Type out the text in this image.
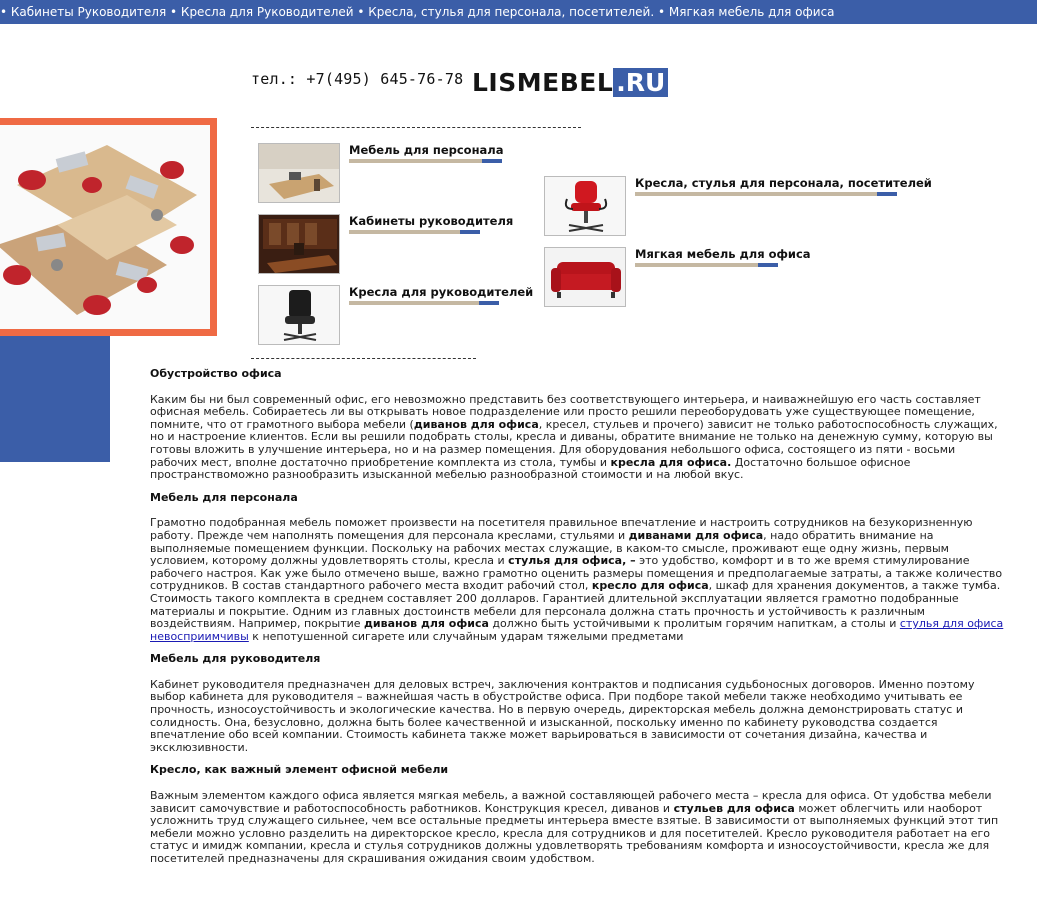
• Кабинеты Руководителя • Кресла для Руководителей • Кресла, стулья для персонала, посетителей. • Мягкая мебель для офиса
тел.: +7(495) 645-76-78 LISMEBEL .RU
Мебель для персонала
Кабинеты руководителя
Кресла для руководителей
Кресла, стулья для персонала, посетителей
Мягкая мебель для офиса
Обустройство офиса

Каким бы ни был современный офис, его невозможно представить без соответствующего интерьера, и наиважнейшую его часть составляет офисная мебель. Собираетесь ли вы открывать новое подразделение или просто решили переоборудовать уже существующее помещение, помните, что от грамотного выбора мебели (диванов для офиса, кресел, стульев и прочего) зависит не только работоспособность служащих, но и настроение клиентов. Если вы решили подобрать столы, кресла и диваны, обратите внимание не только на денежную сумму, которую вы готовы вложить в улучшение интерьера, но и на размер помещения. Для оборудования небольшого офиса, состоящего из пяти - восьми рабочих мест, вполне достаточно приобретение комплекта из стола, тумбы и кресла для офиса. Достаточно большое офисное пространствоможно разнообразить изысканной мебелью разнообразной стоимости и на любой вкус.

Мебель для персонала

Грамотно подобранная мебель поможет произвести на посетителя правильное впечатление и настроить сотрудников на безукоризненную работу. Прежде чем наполнять помещения для персонала креслами, стульями и диванами для офиса, надо обратить внимание на выполняемые помещением функции. Поскольку на рабочих местах служащие, в каком-то смысле, проживают еще одну жизнь, первым условием, которому должны удовлетворять столы, кресла и стулья для офиса, – это удобство, комфорт и в то же время стимулирование рабочего настроя. Как уже было отмечено выше, важно грамотно оценить размеры помещения и предполагаемые затраты, а также количество сотрудников. В состав стандартного рабочего места входит рабочий стол, кресло для офиса, шкаф для хранения документов, а также тумба. Стоимость такого комплекта в среднем составляет 200 долларов. Гарантией длительной эксплуатации является грамотно подобранные материалы и покрытие. Одним из главных достоинств мебели для персонала должна стать прочность и устойчивость к различным воздействиям. Например, покрытие диванов для офиса должно быть устойчивыми к пролитым горячим напиткам, а столы и стулья для офиса невосприимчивы к непотушенной сигарете или случайным ударам тяжелыми предметами

Мебель для руководителя

Кабинет руководителя предназначен для деловых встреч, заключения контрактов и подписания судьбоносных договоров. Именно поэтому выбор кабинета для руководителя – важнейшая часть в обустройстве офиса. При подборе такой мебели также необходимо учитывать ее прочность, износоустойчивость и экологические качества. Но в первую очередь, директорская мебель должна демонстрировать статус и солидность. Она, безусловно, должна быть более качественной и изысканной, поскольку именно по кабинету руководства создается впечатление обо всей компании. Стоимость кабинета также может варьироваться в зависимости от сочетания дизайна, качества и эксклюзивности.

Кресло, как важный элемент офисной мебели

Важным элементом каждого офиса является мягкая мебель, а важной составляющей рабочего места – кресла для офиса. От удобства мебели зависит самочувствие и работоспособность работников. Конструкция кресел, диванов и стульев для офиса может облегчить или наоборот усложнить труд служащего сильнее, чем все остальные предметы интерьера вместе взятые. В зависимости от выполняемых функций этот тип мебели можно условно разделить на директорское кресло, кресла для сотрудников и для посетителей. Кресло руководителя работает на его статус и имидж компании, кресла и стулья сотрудников должны удовлетворять требованиям комфорта и износоустойчивости, кресла же для посетителей предназначены для скрашивания ожидания своим удобством.
